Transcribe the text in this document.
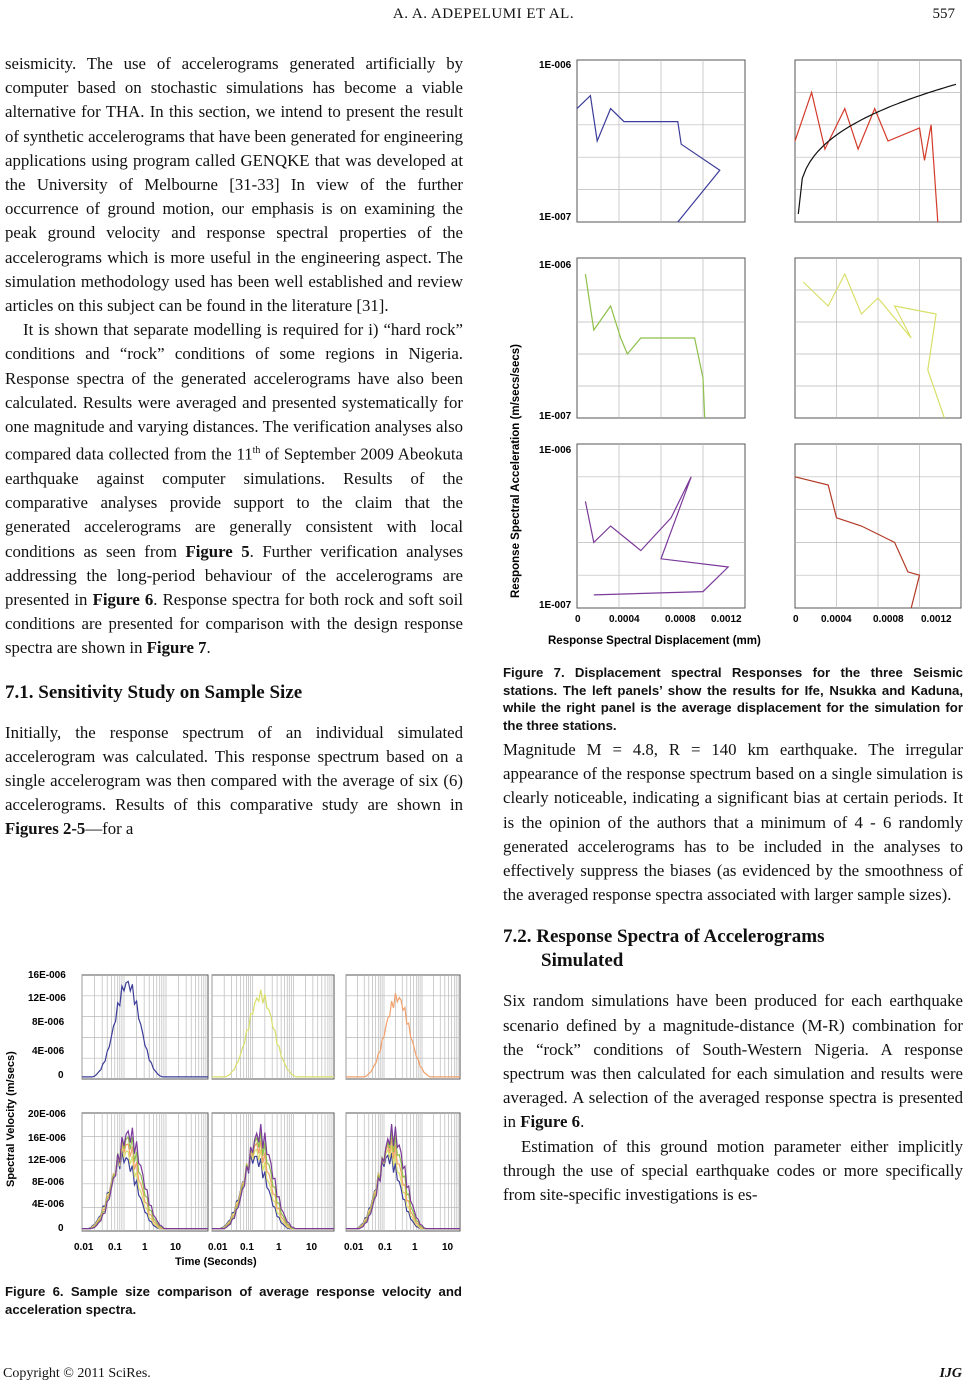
A. A. ADEPELUMI ET AL.	557

seismicity. The use of accelerograms generated artificially by computer based on stochastic simulations has become a viable alternative for THA. In this section, we intend to present the result of synthetic accelerograms that have been generated for engineering applications using program called GENQKE that was developed at the University of Melbourne [31-33] In view of the further occurrence of ground motion, our emphasis is on examining the peak ground velocity and response spectral properties of the accelerograms which is more useful in the engineering aspect. The simulation methodology used has been well established and review articles on this subject can be found in the literature [31].

It is shown that separate modelling is required for i) “hard rock” conditions and “rock” conditions of some regions in Nigeria. Response spectra of the generated accelerograms have also been calculated. Results were averaged and presented systematically for one magnitude and varying distances. The verification analyses also compared data collected from the 11th of September 2009 Abeokuta earthquake against computer simulations. Results of the comparative analyses provide support to the claim that the generated accelerograms are generally consistent with local conditions as seen from Figure 5. Further verification analyses addressing the long-period behaviour of the accelerograms are presented in Figure 6. Response spectra for both rock and soft soil conditions are presented for comparison with the design response spectra are shown in Figure 7.

7.1. Sensitivity Study on Sample Size

Initially, the response spectrum of an individual simulated accelerogram was calculated. This response spectrum based on a single accelerogram was then compared with the average of six (6) accelerograms. Results of this comparative study are shown in Figures 2-5—for a

Spectral Velocity (m/secs)
Time (Seconds)
16E-006
12E-006
8E-006
4E-006
0
20E-006
16E-006
12E-006
8E-006
4E-006
0
0.01 0.1 1 10	0.01 0.1 1 10	0.01 0.1 1 10
Figure 6. Sample size comparison of average response velocity and acceleration spectra.
Response Spectral Acceleration (m/secs/secs)
Response Spectral Displacement (mm)
1E-006
1E-007
1E-006
1E-007
1E-006
1E-007
0	0.0004	0.0008 0.0012	0 0.0004 0.0008 0.0012
Figure 7. Displacement spectral Responses for the three Seismic stations. The left panels’ show the results for Ife, Nsukka and Kaduna, while the right panel is the average displacement for the simulation for the three stations.

Magnitude M = 4.8, R = 140 km earthquake. The irregular appearance of the response spectrum based on a single simulation is clearly noticeable, indicating a significant bias at certain periods. It is the opinion of the authors that a minimum of 4 - 6 randomly generated accelerograms has to be included in the analyses to effectively suppress the biases (as evidenced by the smoothness of the averaged response spectra associated with larger sample sizes).

7.2. Response Spectra of Accelerograms
Simulated

Six random simulations have been produced for each earthquake scenario defined by a magnitude-distance (M-R) combination for the “rock” conditions of South-Western Nigeria. A response spectrum was then calculated for each simulation and results were averaged. A selection of the averaged response spectra is presented in Figure 6.

Estimation of this ground motion parameter either implicitly through the use of special earthquake codes or more specifically from site-specific investigations is es-

Copyright © 2011 SciRes.	IJG
